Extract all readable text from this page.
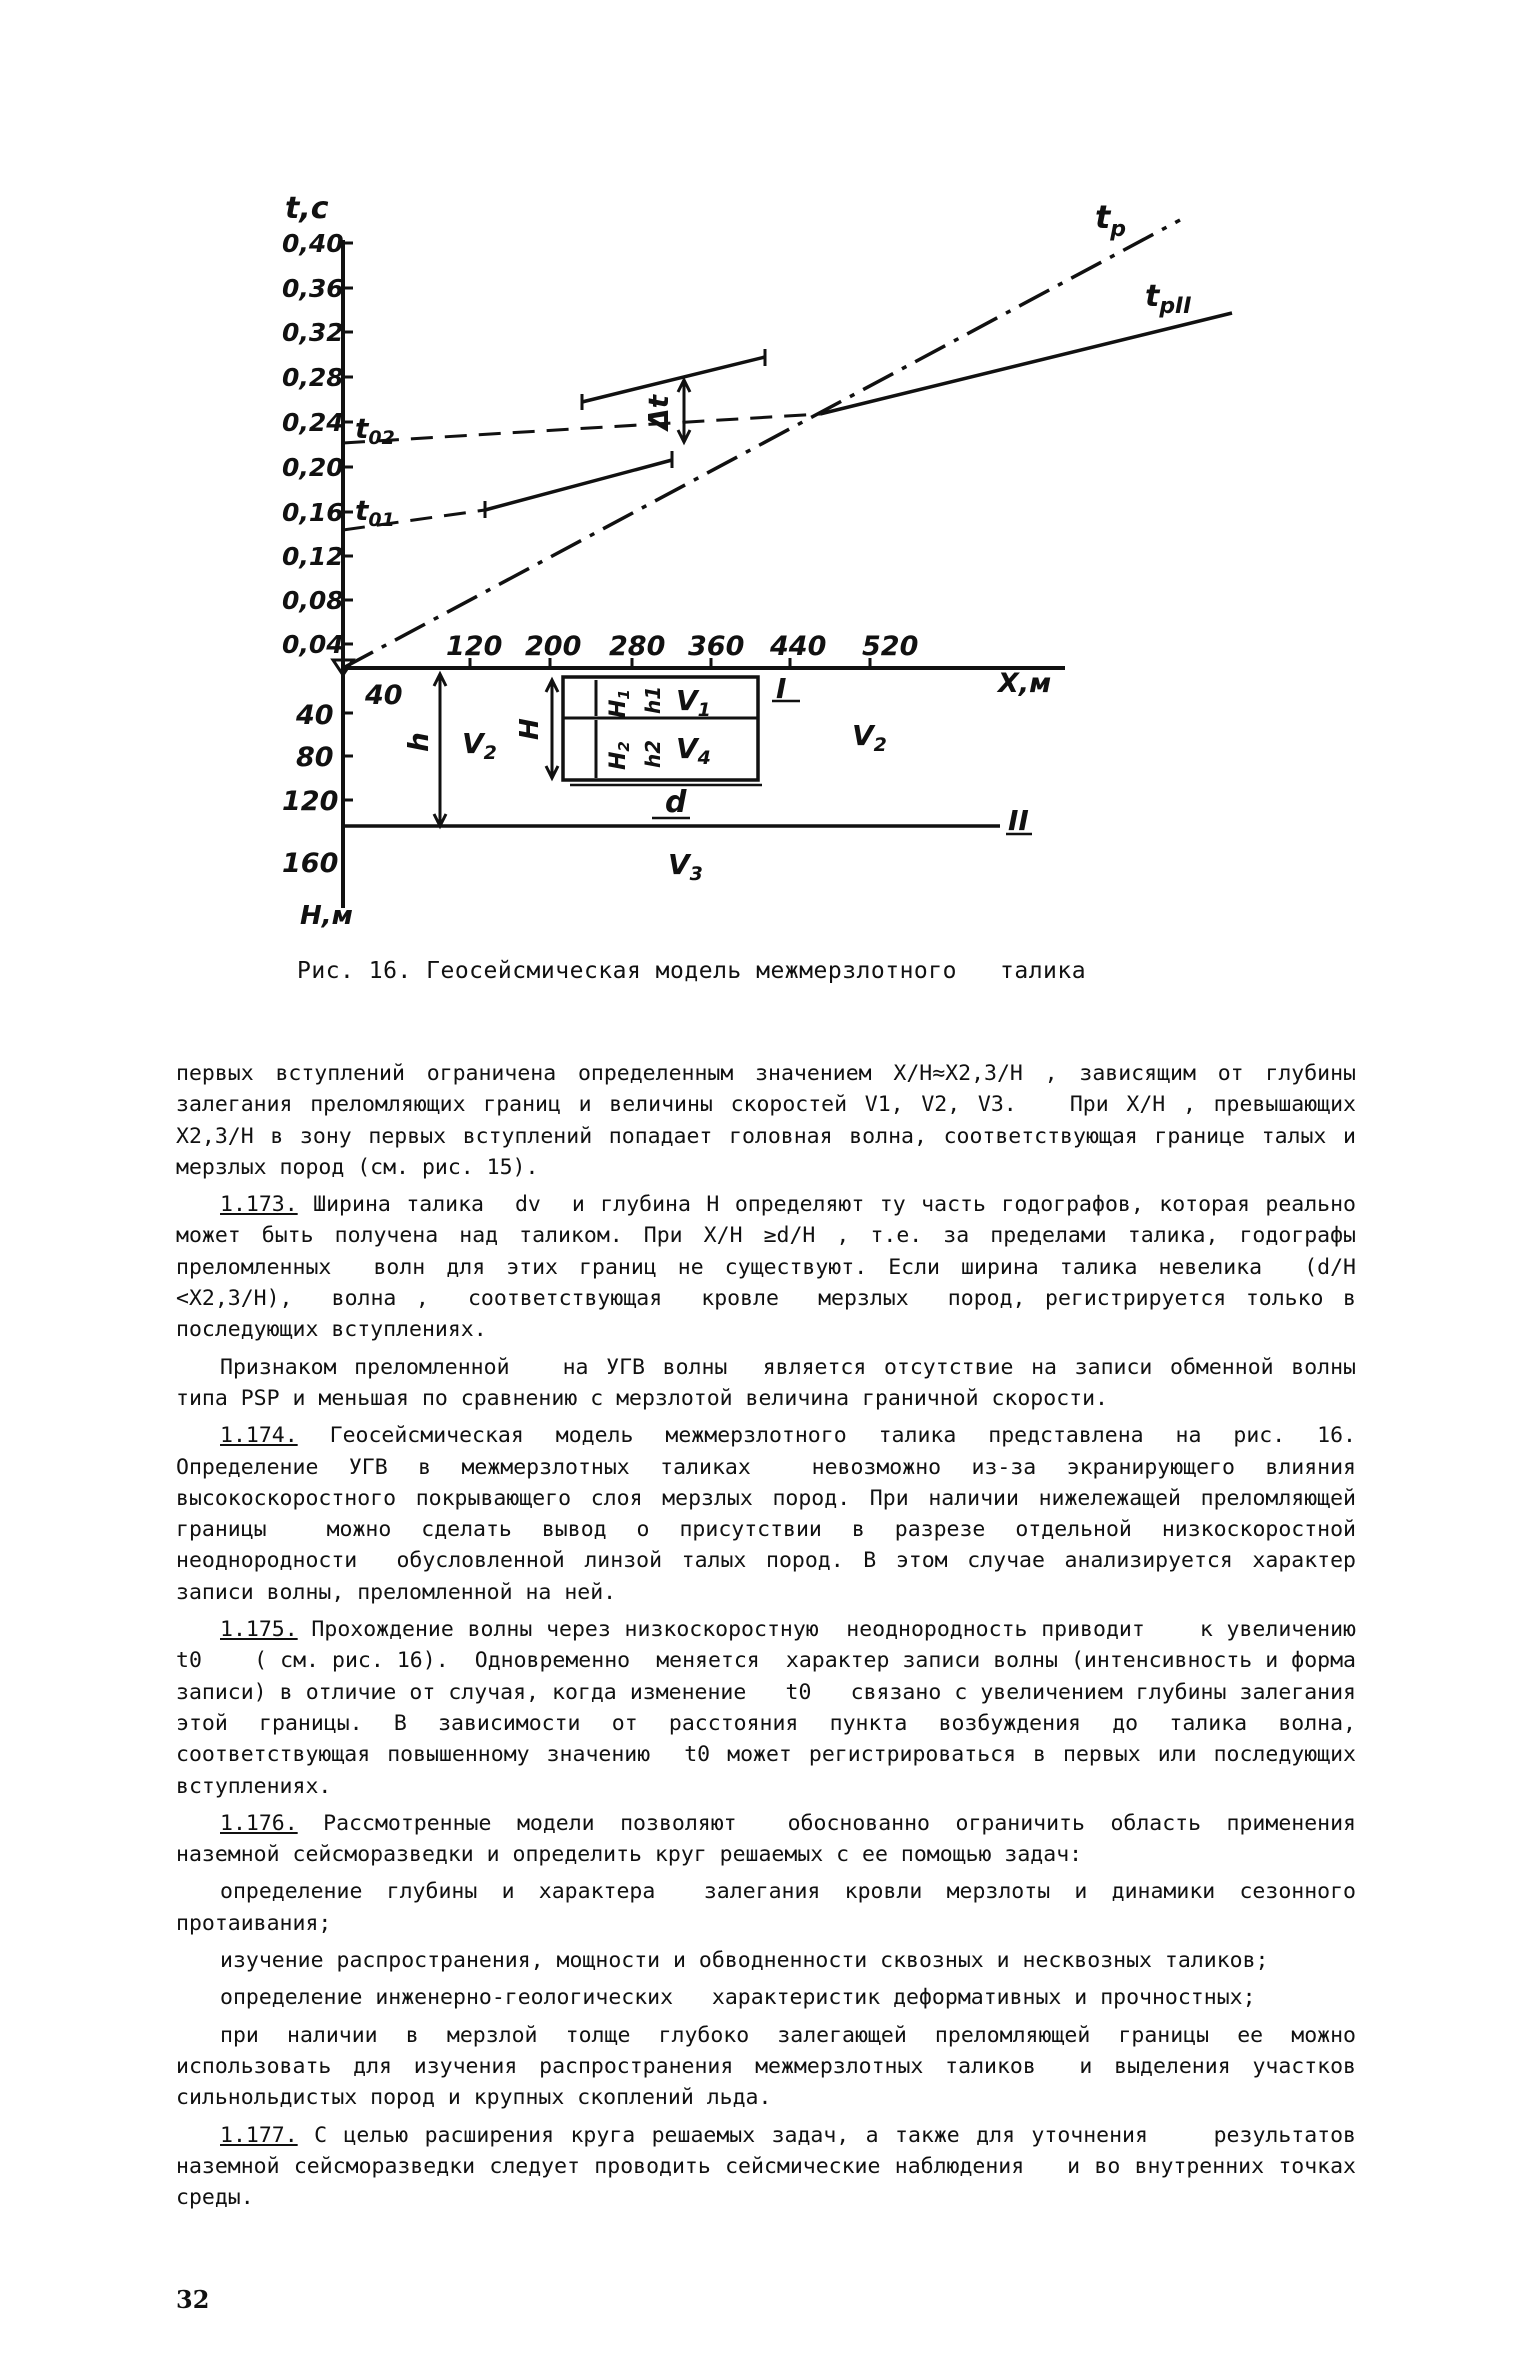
t,c
0,40
0,36
0,32
0,28
0,24
0,20
0,16
0,12
0,08
0,04	120 200 280 360 440 520
X,м
40
80
120
160
H,м
40
$t_p$
$t_{pII}$
$t_{02}$
$t_{01}$
Δt
I
h $V_2$
H
H1
H2
h1
h2
$V_1$
$V_4$
$V_2$
d
II
$V_3$
Рис. 16. Геосейсмическая модель межмерзлотного   талика

первых вступлений ограничена определенным значением X/H≈X2,3/H , зависящим от глубины залегания преломляющих границ и величины скоростей V1, V2, V3.   При X/H , превышающих X2,3/H в зону первых вступлений попадает головная волна, соответствующая границе талых и мерзлых пород (см. рис. 15).

1.173. Ширина талика  dv  и глубина H определяют ту часть годографов, которая реально может быть получена над таликом. При X/H ≥d/H , т.е. за пределами талика, годографы преломленных  волн для этих границ не существуют. Если ширина талика невелика  (d/H <X2,3/H),  волна ,  соответствующая  кровле  мерзлых  пород, регистрируется только в последующих вступлениях.

Признаком преломленной   на УГВ волны  является отсутствие на записи обменной волны типа PSP и меньшая по сравнению с мерзлотой величина граничной скорости.

1.174. Геосейсмическая модель межмерзлотного талика представлена на рис. 16. Определение УГВ в межмерзлотных таликах  невозможно из-за экранирующего влияния высокоскоростного покрывающего слоя мерзлых пород. При наличии нижележащей преломляющей границы  можно сделать вывод о присутствии в разрезе отдельной низкоскоростной неоднородности  обусловленной линзой талых пород. В этом случае анализируется характер записи волны, преломленной на ней.

1.175. Прохождение волны через низкоскоростную  неоднородность приводит    к увеличению    t0    ( см. рис. 16).  Одновременно  меняется  характер записи волны (интенсивность и форма записи) в отличие от случая, когда изменение   t0   связано с увеличением глубины залегания   этой границы. В зависимости от расстояния пункта возбуждения до талика волна, соответствующая повышенному значению  t0 может регистрироваться в первых или последующих вступлениях.

1.176. Рассмотренные модели позволяют  обоснованно ограничить область применения наземной сейсморазведки и определить круг решаемых с ее помощью задач:

определение глубины и характера  залегания кровли мерзлоты и динамики сезонного протаивания;

изучение распространения, мощности и обводненности сквозных и несквозных таликов;

определение инженерно-геологических   характеристик деформативных и прочностных;

при наличии в мерзлой толще глубоко залегающей преломляющей границы ее можно использовать для изучения распространения межмерзлотных таликов  и выделения участков сильнольдистых пород и крупных скоплений льда.

1.177. С целью расширения круга решаемых задач, а также для уточнения    результатов наземной сейсморазведки следует проводить сейсмические наблюдения   и во внутренних точках среды.

32
